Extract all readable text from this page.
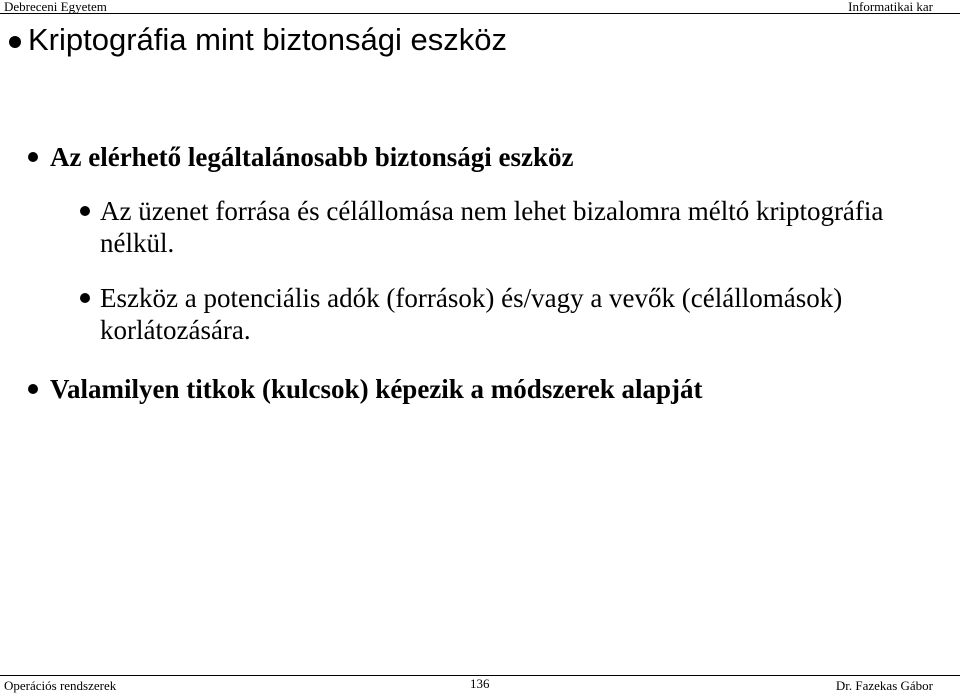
Debreceni Egyetem	Informatikai kar
Kriptográfia mint biztonsági eszköz
Az elérhető legáltalánosabb biztonsági eszköz
Az üzenet forrása és célállomása nem lehet bizalomra méltó kriptográfia nélkül.
Eszköz a potenciális adók (források) és/vagy a vevők (célállomások) korlátozására.
Valamilyen titkok (kulcsok) képezik a módszerek alapját
Operációs rendszerek	136	Dr. Fazekas Gábor
